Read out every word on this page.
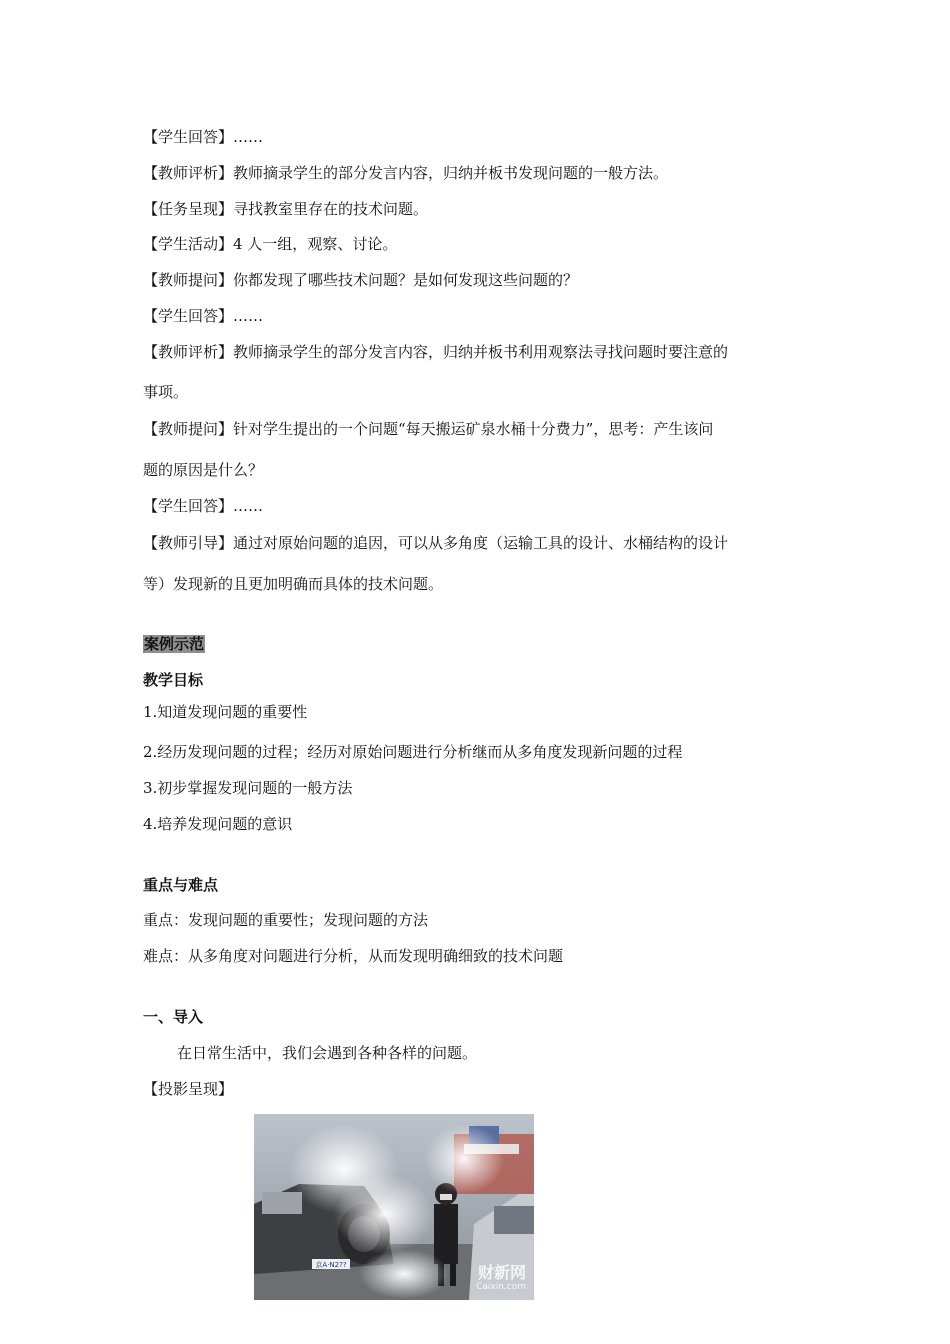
【学生回答】……
【教师评析】教师摘录学生的部分发言内容，归纳并板书发现问题的一般方法。
【任务呈现】寻找教室里存在的技术问题。
【学生活动】4 人一组，观察、讨论。
【教师提问】你都发现了哪些技术问题？是如何发现这些问题的？
【学生回答】……
【教师评析】教师摘录学生的部分发言内容，归纳并板书利用观察法寻找问题时要注意的
事项。
【教师提问】针对学生提出的一个问题“每天搬运矿泉水桶十分费力”，思考：产生该问
题的原因是什么？
【学生回答】……
【教师引导】通过对原始问题的追因，可以从多角度（运输工具的设计、水桶结构的设计
等）发现新的且更加明确而具体的技术问题。
案例示范
教学目标
1.知道发现问题的重要性
2.经历发现问题的过程；经历对原始问题进行分析继而从多角度发现新问题的过程
3.初步掌握发现问题的一般方法
4.培养发现问题的意识
重点与难点
重点：发现问题的重要性；发现问题的方法
难点：从多角度对问题进行分析，从而发现明确细致的技术问题
一、导入
在日常生活中，我们会遇到各种各样的问题。
【投影呈现】
京A·N2??	财新网
Caixin.com
